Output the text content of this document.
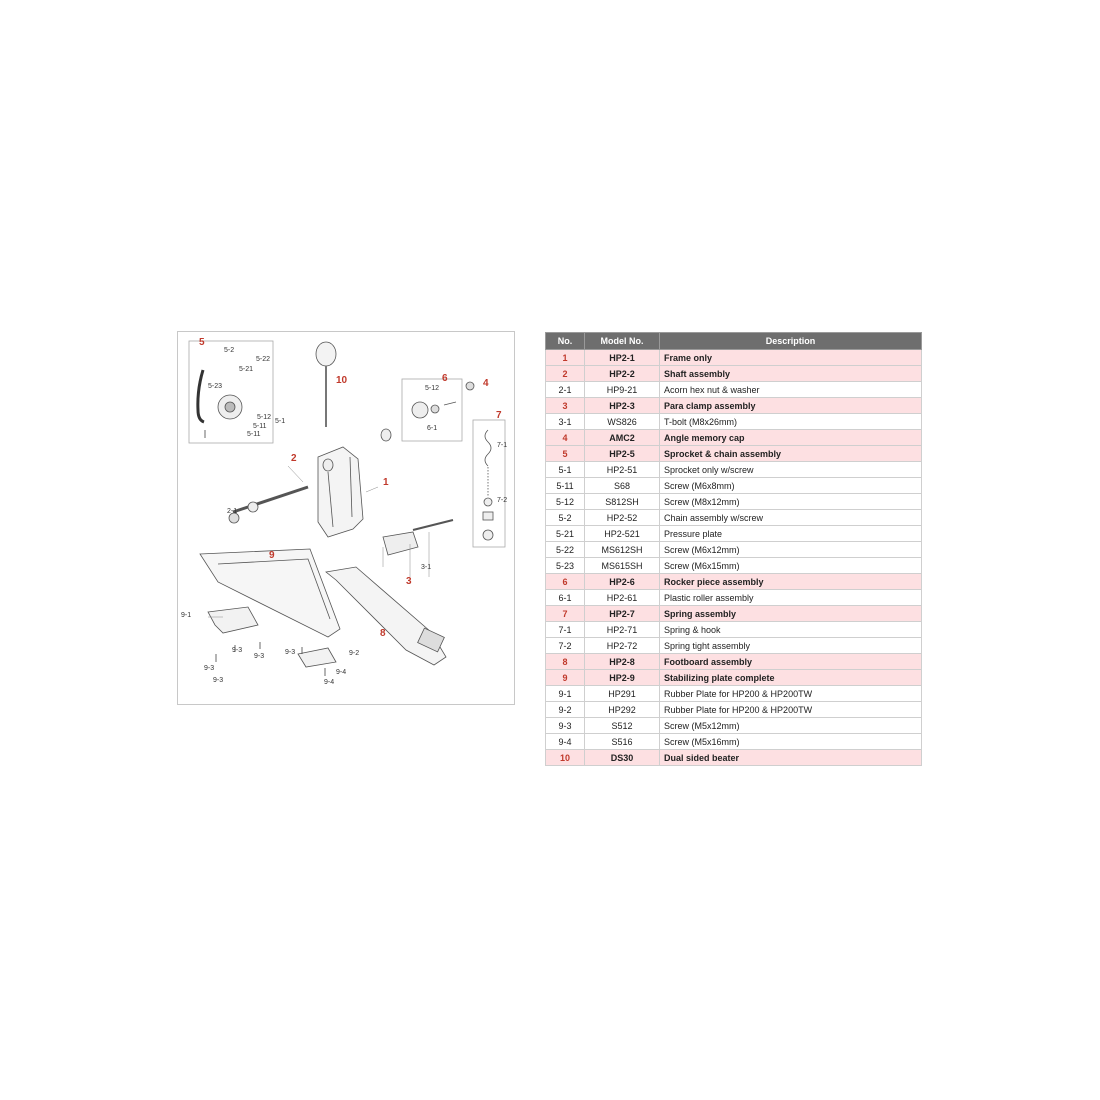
5
10	6	4
7
2
1
3
9
8
5-2
5-22
5-21
5-23
5-12
5-1
5-11
5-11
5-12
6-1
7-1
7-2
2-1
3-1
9-1
9-3
9-3
9-3
9-3
9-3	9-2
9-4
9-4
No.	Model No.	Description
1	HP2-1	Frame only
2	HP2-2	Shaft assembly
2-1	HP9-21	Acorn hex nut & washer
3	HP2-3	Para clamp assembly
3-1	WS826	T-bolt (M8x26mm)
4	AMC2	Angle memory cap
5	HP2-5	Sprocket & chain assembly
5-1	HP2-51	Sprocket only w/screw
5-11	S68	Screw (M6x8mm)
5-12	S812SH	Screw (M8x12mm)
5-2	HP2-52	Chain assembly w/screw
5-21	HP2-521	Pressure plate
5-22	MS612SH	Screw (M6x12mm)
5-23	MS615SH	Screw (M6x15mm)
6	HP2-6	Rocker piece assembly
6-1	HP2-61	Plastic roller assembly
7	HP2-7	Spring assembly
7-1	HP2-71	Spring & hook
7-2	HP2-72	Spring tight assembly
8	HP2-8	Footboard assembly
9	HP2-9	Stabilizing plate complete
9-1	HP291	Rubber Plate for HP200 & HP200TW
9-2	HP292	Rubber Plate for HP200 & HP200TW
9-3	S512	Screw (M5x12mm)
9-4	S516	Screw (M5x16mm)
10	DS30	Dual sided beater
